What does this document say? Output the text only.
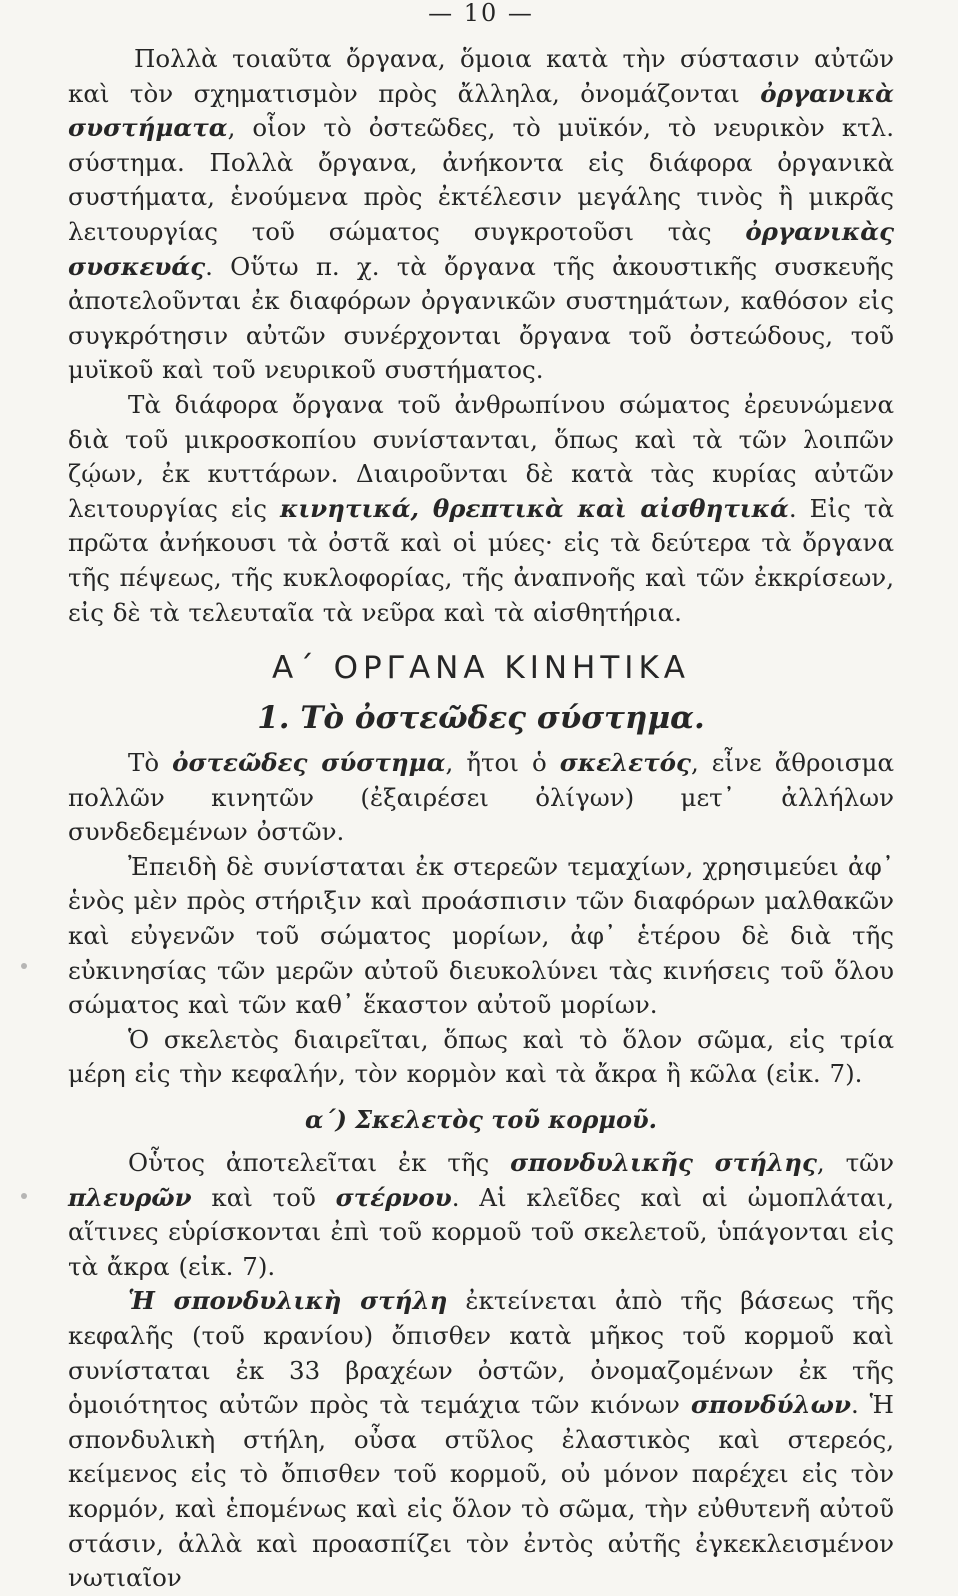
— 10 —

Πολλὰ τοιαῦτα ὄργανα, ὅμοια κατὰ τὴν σύστασιν αὐτῶν καὶ τὸν σχηματισμὸν πρὸς ἄλληλα, ὀνομάζονται ὀργανικὰ συστήματα, οἷον τὸ ὀστεῶδες, τὸ μυϊκόν, τὸ νευρικὸν κτλ. σύστημα. Πολλὰ ὄργανα, ἀνήκοντα εἰς διάφορα ὀργανικὰ συστήματα, ἑνούμενα πρὸς ἐκτέλεσιν μεγάλης τινὸς ἢ μικρᾶς λειτουργίας τοῦ σώματος συγκροτοῦσι τὰς ὀργανικὰς συσκευάς. Οὕτω π. χ. τὰ ὄργανα τῆς ἀκουστικῆς συσκευῆς ἀποτελοῦνται ἐκ διαφόρων ὀργανικῶν συστημάτων, καθόσον εἰς συγκρότησιν αὐτῶν συνέρχονται ὄργανα τοῦ ὀστεώδους, τοῦ μυϊκοῦ καὶ τοῦ νευρικοῦ συστήματος.

Τὰ διάφορα ὄργανα τοῦ ἀνθρωπίνου σώματος ἐρευνώμενα διὰ τοῦ μικροσκοπίου συνίστανται, ὅπως καὶ τὰ τῶν λοιπῶν ζῴων, ἐκ κυττάρων. Διαιροῦνται δὲ κατὰ τὰς κυρίας αὐτῶν λειτουργίας εἰς κινητικά, θρεπτικὰ καὶ αἰσθητικά. Εἰς τὰ πρῶτα ἀνήκουσι τὰ ὀστᾶ καὶ οἱ μύες· εἰς τὰ δεύτερα τὰ ὄργανα τῆς πέψεως, τῆς κυκλοφορίας, τῆς ἀναπνοῆς καὶ τῶν ἐκκρίσεων, εἰς δὲ τὰ τελευταῖα τὰ νεῦρα καὶ τὰ αἰσθητήρια.

Α΄ ΟΡΓΑΝΑ ΚΙΝΗΤΙΚΑ
1. Τὸ ὀστεῶδες σύστημα.

Τὸ ὀστεῶδες σύστημα, ἤτοι ὁ σκελετός, εἶνε ἄθροισμα πολλῶν κινητῶν (ἐξαιρέσει ὀλίγων) μετ᾽ ἀλλήλων συνδεδεμένων ὀστῶν.

Ἐπειδὴ δὲ συνίσταται ἐκ στερεῶν τεμαχίων, χρησιμεύει ἀφ᾽ ἑνὸς μὲν πρὸς στήριξιν καὶ προάσπισιν τῶν διαφόρων μαλθακῶν καὶ εὐγενῶν τοῦ σώματος μορίων, ἀφ᾽ ἑτέρου δὲ διὰ τῆς εὐκινησίας τῶν μερῶν αὐτοῦ διευκολύνει τὰς κινήσεις τοῦ ὅλου σώματος καὶ τῶν καθ᾽ ἕκαστον αὐτοῦ μορίων.

Ὁ σκελετὸς διαιρεῖται, ὅπως καὶ τὸ ὅλον σῶμα, εἰς τρία μέρη εἰς τὴν κεφαλήν, τὸν κορμὸν καὶ τὰ ἄκρα ἢ κῶλα (εἰκ. 7).

α΄) Σκελετὸς τοῦ κορμοῦ.

Οὗτος ἀποτελεῖται ἐκ τῆς σπονδυλικῆς στήλης, τῶν πλευρῶν καὶ τοῦ στέρνου. Αἱ κλεῖδες καὶ αἱ ὠμοπλάται, αἵτινες εὑρίσκονται ἐπὶ τοῦ κορμοῦ τοῦ σκελετοῦ, ὑπάγονται εἰς τὰ ἄκρα (εἰκ. 7).

Ἡ σπονδυλικὴ στήλη ἐκτείνεται ἀπὸ τῆς βάσεως τῆς κεφαλῆς (τοῦ κρανίου) ὄπισθεν κατὰ μῆκος τοῦ κορμοῦ καὶ συνίσταται ἐκ 33 βραχέων ὀστῶν, ὀνομαζομένων ἐκ τῆς ὁμοιότητος αὐτῶν πρὸς τὰ τεμάχια τῶν κιόνων σπονδύλων. Ἡ σπονδυλικὴ στήλη, οὖσα στῦλος ἐλαστικὸς καὶ στερεός, κείμενος εἰς τὸ ὄπισθεν τοῦ κορμοῦ, οὐ μόνον παρέχει εἰς τὸν κορμόν, καὶ ἑπομένως καὶ εἰς ὅλον τὸ σῶμα, τὴν εὐθυτενῆ αὐτοῦ στάσιν, ἀλλὰ καὶ προασπίζει τὸν ἐντὸς αὐτῆς ἐγκεκλεισμένον νωτιαῖον
